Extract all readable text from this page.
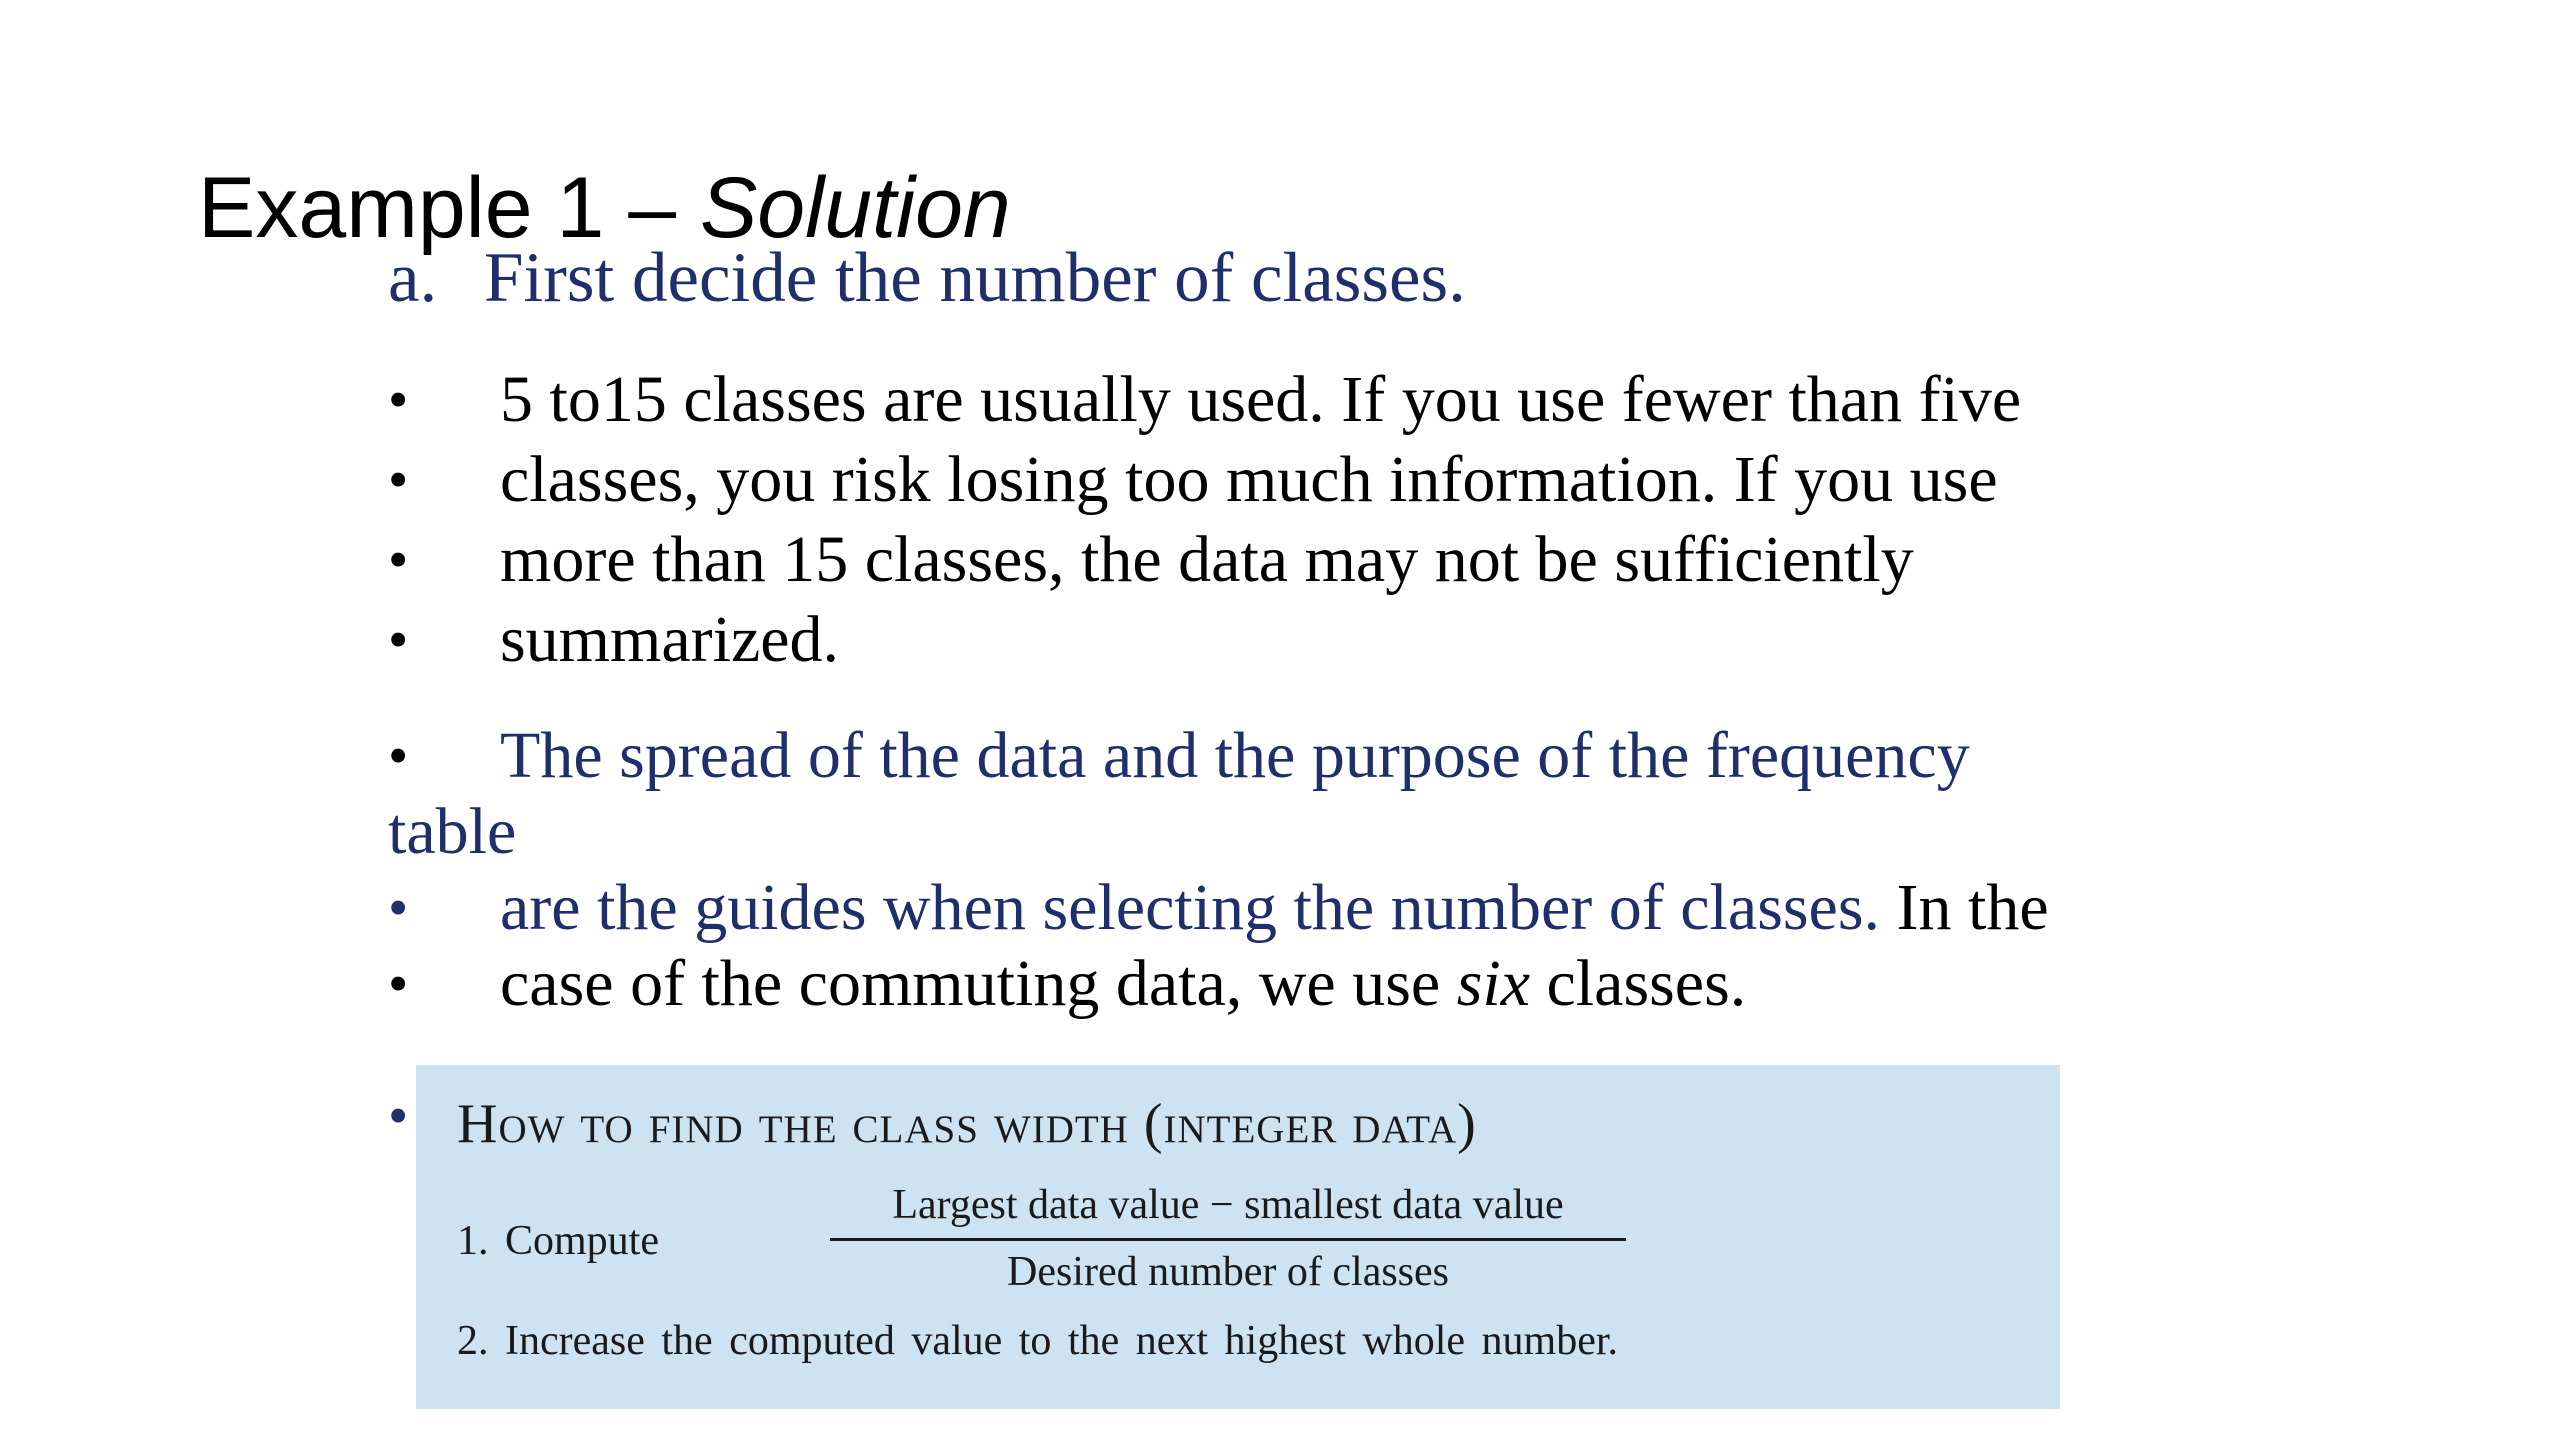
Example 1 – Solution
a. First decide the number of classes.
• 5 to15 classes are usually used. If you use fewer than five
• classes, you risk losing too much information. If you use
• more than 15 classes, the data may not be sufficiently
• summarized.
• The spread of the data and the purpose of the frequency
table
• are the guides when selecting the number of classes. In the
• case of the commuting data, we use six classes.
• How to find the class width (integer data)
1. Compute
Largest data value − smallest data value
Desired number of classes
2. Increase the computed value to the next highest whole number.
